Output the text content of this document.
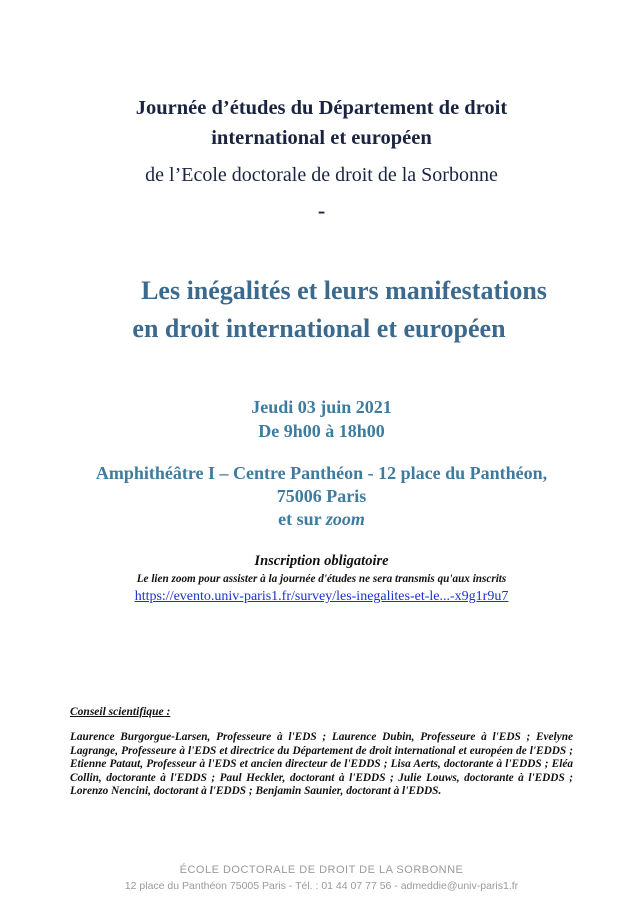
Journée d’études du Département de droit
international et européen
de l’Ecole doctorale de droit de la Sorbonne
-
Les inégalités et leurs manifestations
en droit international et européen
Jeudi 03 juin 2021
De 9h00 à 18h00
Amphithéâtre I – Centre Panthéon - 12 place du Panthéon,
75006 Paris
et sur zoom
Inscription obligatoire
Le lien zoom pour assister à la journée d'études ne sera transmis qu'aux inscrits
https://evento.univ-paris1.fr/survey/les-inegalites-et-le...-x9g1r9u7
Conseil scientifique :
Laurence Burgorgue-Larsen, Professeure à l'EDS ; Laurence Dubin, Professeure à l'EDS ; Evelyne Lagrange, Professeure à l'EDS et directrice du Département de droit international et européen de l'EDDS ; Etienne Pataut, Professeur à l'EDS et ancien directeur de l'EDDS ; Lisa Aerts, doctorante à l'EDDS ; Eléa Collin, doctorante à l'EDDS ; Paul Heckler, doctorant à l'EDDS ; Julie Louws, doctorante à l'EDDS ; Lorenzo Nencini, doctorant à l'EDDS ; Benjamin Saunier, doctorant à l'EDDS.
ÉCOLE DOCTORALE DE DROIT DE LA SORBONNE
12 place du Panthéon 75005 Paris - Tél. : 01 44 07 77 56 - admeddie@univ-paris1.fr
